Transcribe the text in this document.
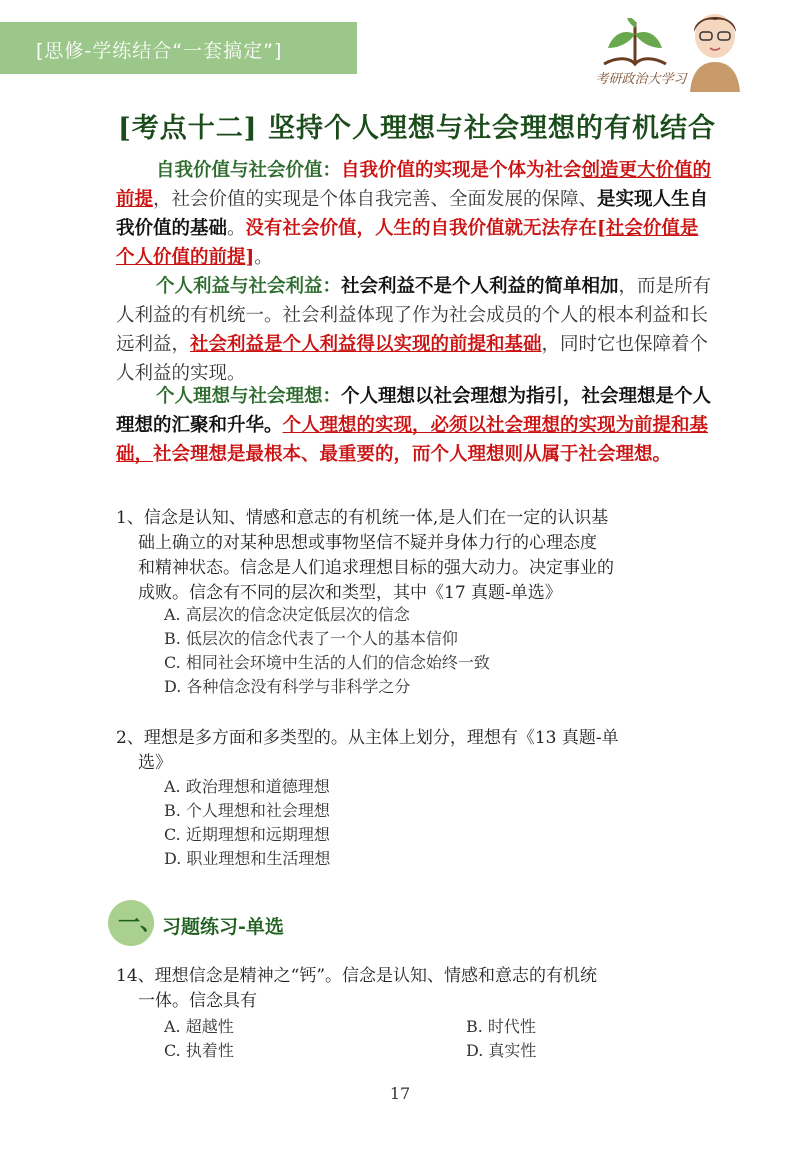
[思修-学练结合“一套搞定”]
考研政治大学习
[考点十二] 坚持个人理想与社会理想的有机结合
自我价值与社会价值：自我价值的实现是个体为社会创造更大价值的前提，社会价值的实现是个体自我完善、全面发展的保障、是实现人生自我价值的基础。没有社会价值，人生的自我价值就无法存在[社会价值是个人价值的前提]。
个人利益与社会利益：社会利益不是个人利益的简单相加，而是所有人利益的有机统一。社会利益体现了作为社会成员的个人的根本利益和长远利益，社会利益是个人利益得以实现的前提和基础，同时它也保障着个人利益的实现。
个人理想与社会理想：个人理想以社会理想为指引，社会理想是个人理想的汇聚和升华。个人理想的实现，必须以社会理想的实现为前提和基础，社会理想是最根本、最重要的，而个人理想则从属于社会理想。
1、信念是认知、情感和意志的有机统一体,是人们在一定的认识基
础上确立的对某种思想或事物坚信不疑并身体力行的心理态度
和精神状态。信念是人们追求理想目标的强大动力。决定事业的
成败。信念有不同的层次和类型，其中《17 真题-单选》
A. 高层次的信念决定低层次的信念
B. 低层次的信念代表了一个人的基本信仰
C. 相同社会环境中生活的人们的信念始终一致
D. 各种信念没有科学与非科学之分
2、理想是多方面和多类型的。从主体上划分，理想有《13 真题-单
选》
A. 政治理想和道德理想
B. 个人理想和社会理想
C. 近期理想和远期理想
D. 职业理想和生活理想
一、 习题练习-单选
14、理想信念是精神之“钙”。信念是认知、情感和意志的有机统
一体。信念具有
A. 超越性	B. 时代性
C. 执着性	D. 真实性
17
